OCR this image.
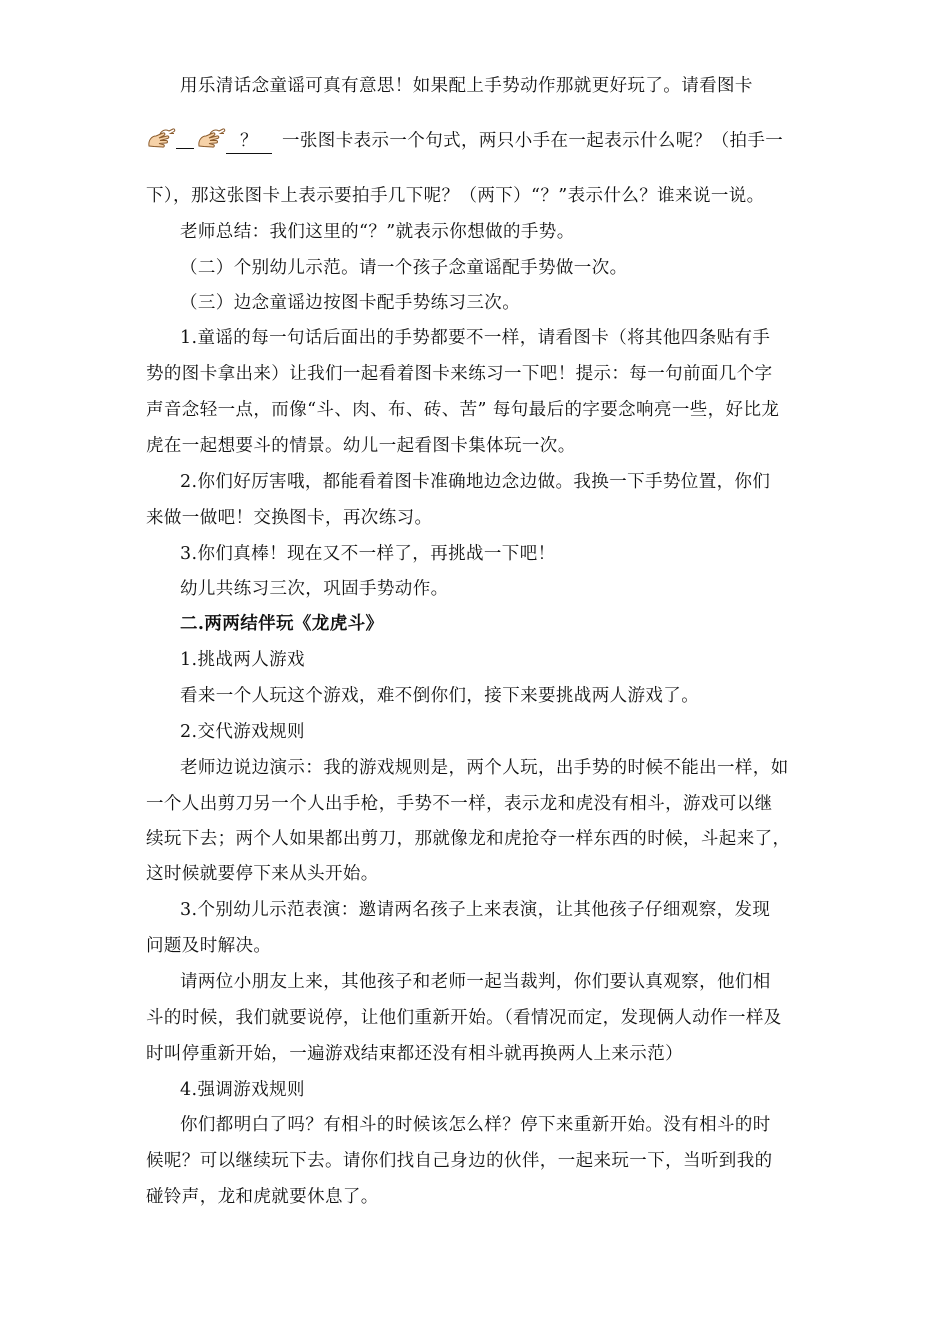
用乐清话念童谣可真有意思！如果配上手势动作那就更好玩了。请看图卡
？ 一张图卡表示一个句式，两只小手在一起表示什么呢？（拍手一
下），那这张图卡上表示要拍手几下呢？（两下）“？”表示什么？谁来说一说。
老师总结：我们这里的“？”就表示你想做的手势。
（二）个别幼儿示范。请一个孩子念童谣配手势做一次。
（三）边念童谣边按图卡配手势练习三次。
1.童谣的每一句话后面出的手势都要不一样，请看图卡（将其他四条贴有手
势的图卡拿出来）让我们一起看着图卡来练习一下吧！提示：每一句前面几个字
声音念轻一点，而像“斗、肉、布、砖、苦” 每句最后的字要念响亮一些，好比龙
虎在一起想要斗的情景。幼儿一起看图卡集体玩一次。
2.你们好厉害哦，都能看着图卡准确地边念边做。我换一下手势位置，你们
来做一做吧！交换图卡，再次练习。
3.你们真棒！现在又不一样了，再挑战一下吧！
幼儿共练习三次，巩固手势动作。
二.两两结伴玩《龙虎斗》
1.挑战两人游戏
看来一个人玩这个游戏，难不倒你们，接下来要挑战两人游戏了。
2.交代游戏规则
老师边说边演示：我的游戏规则是，两个人玩，出手势的时候不能出一样，如
一个人出剪刀另一个人出手枪，手势不一样，表示龙和虎没有相斗，游戏可以继
续玩下去；两个人如果都出剪刀，那就像龙和虎抢夺一样东西的时候，斗起来了，
这时候就要停下来从头开始。
3.个别幼儿示范表演：邀请两名孩子上来表演，让其他孩子仔细观察，发现
问题及时解决。
请两位小朋友上来，其他孩子和老师一起当裁判，你们要认真观察，他们相
斗的时候，我们就要说停，让他们重新开始。（看情况而定，发现俩人动作一样及
时叫停重新开始，一遍游戏结束都还没有相斗就再换两人上来示范）
4.强调游戏规则
你们都明白了吗？有相斗的时候该怎么样？停下来重新开始。没有相斗的时
候呢？可以继续玩下去。请你们找自己身边的伙伴，一起来玩一下，当听到我的
碰铃声，龙和虎就要休息了。
